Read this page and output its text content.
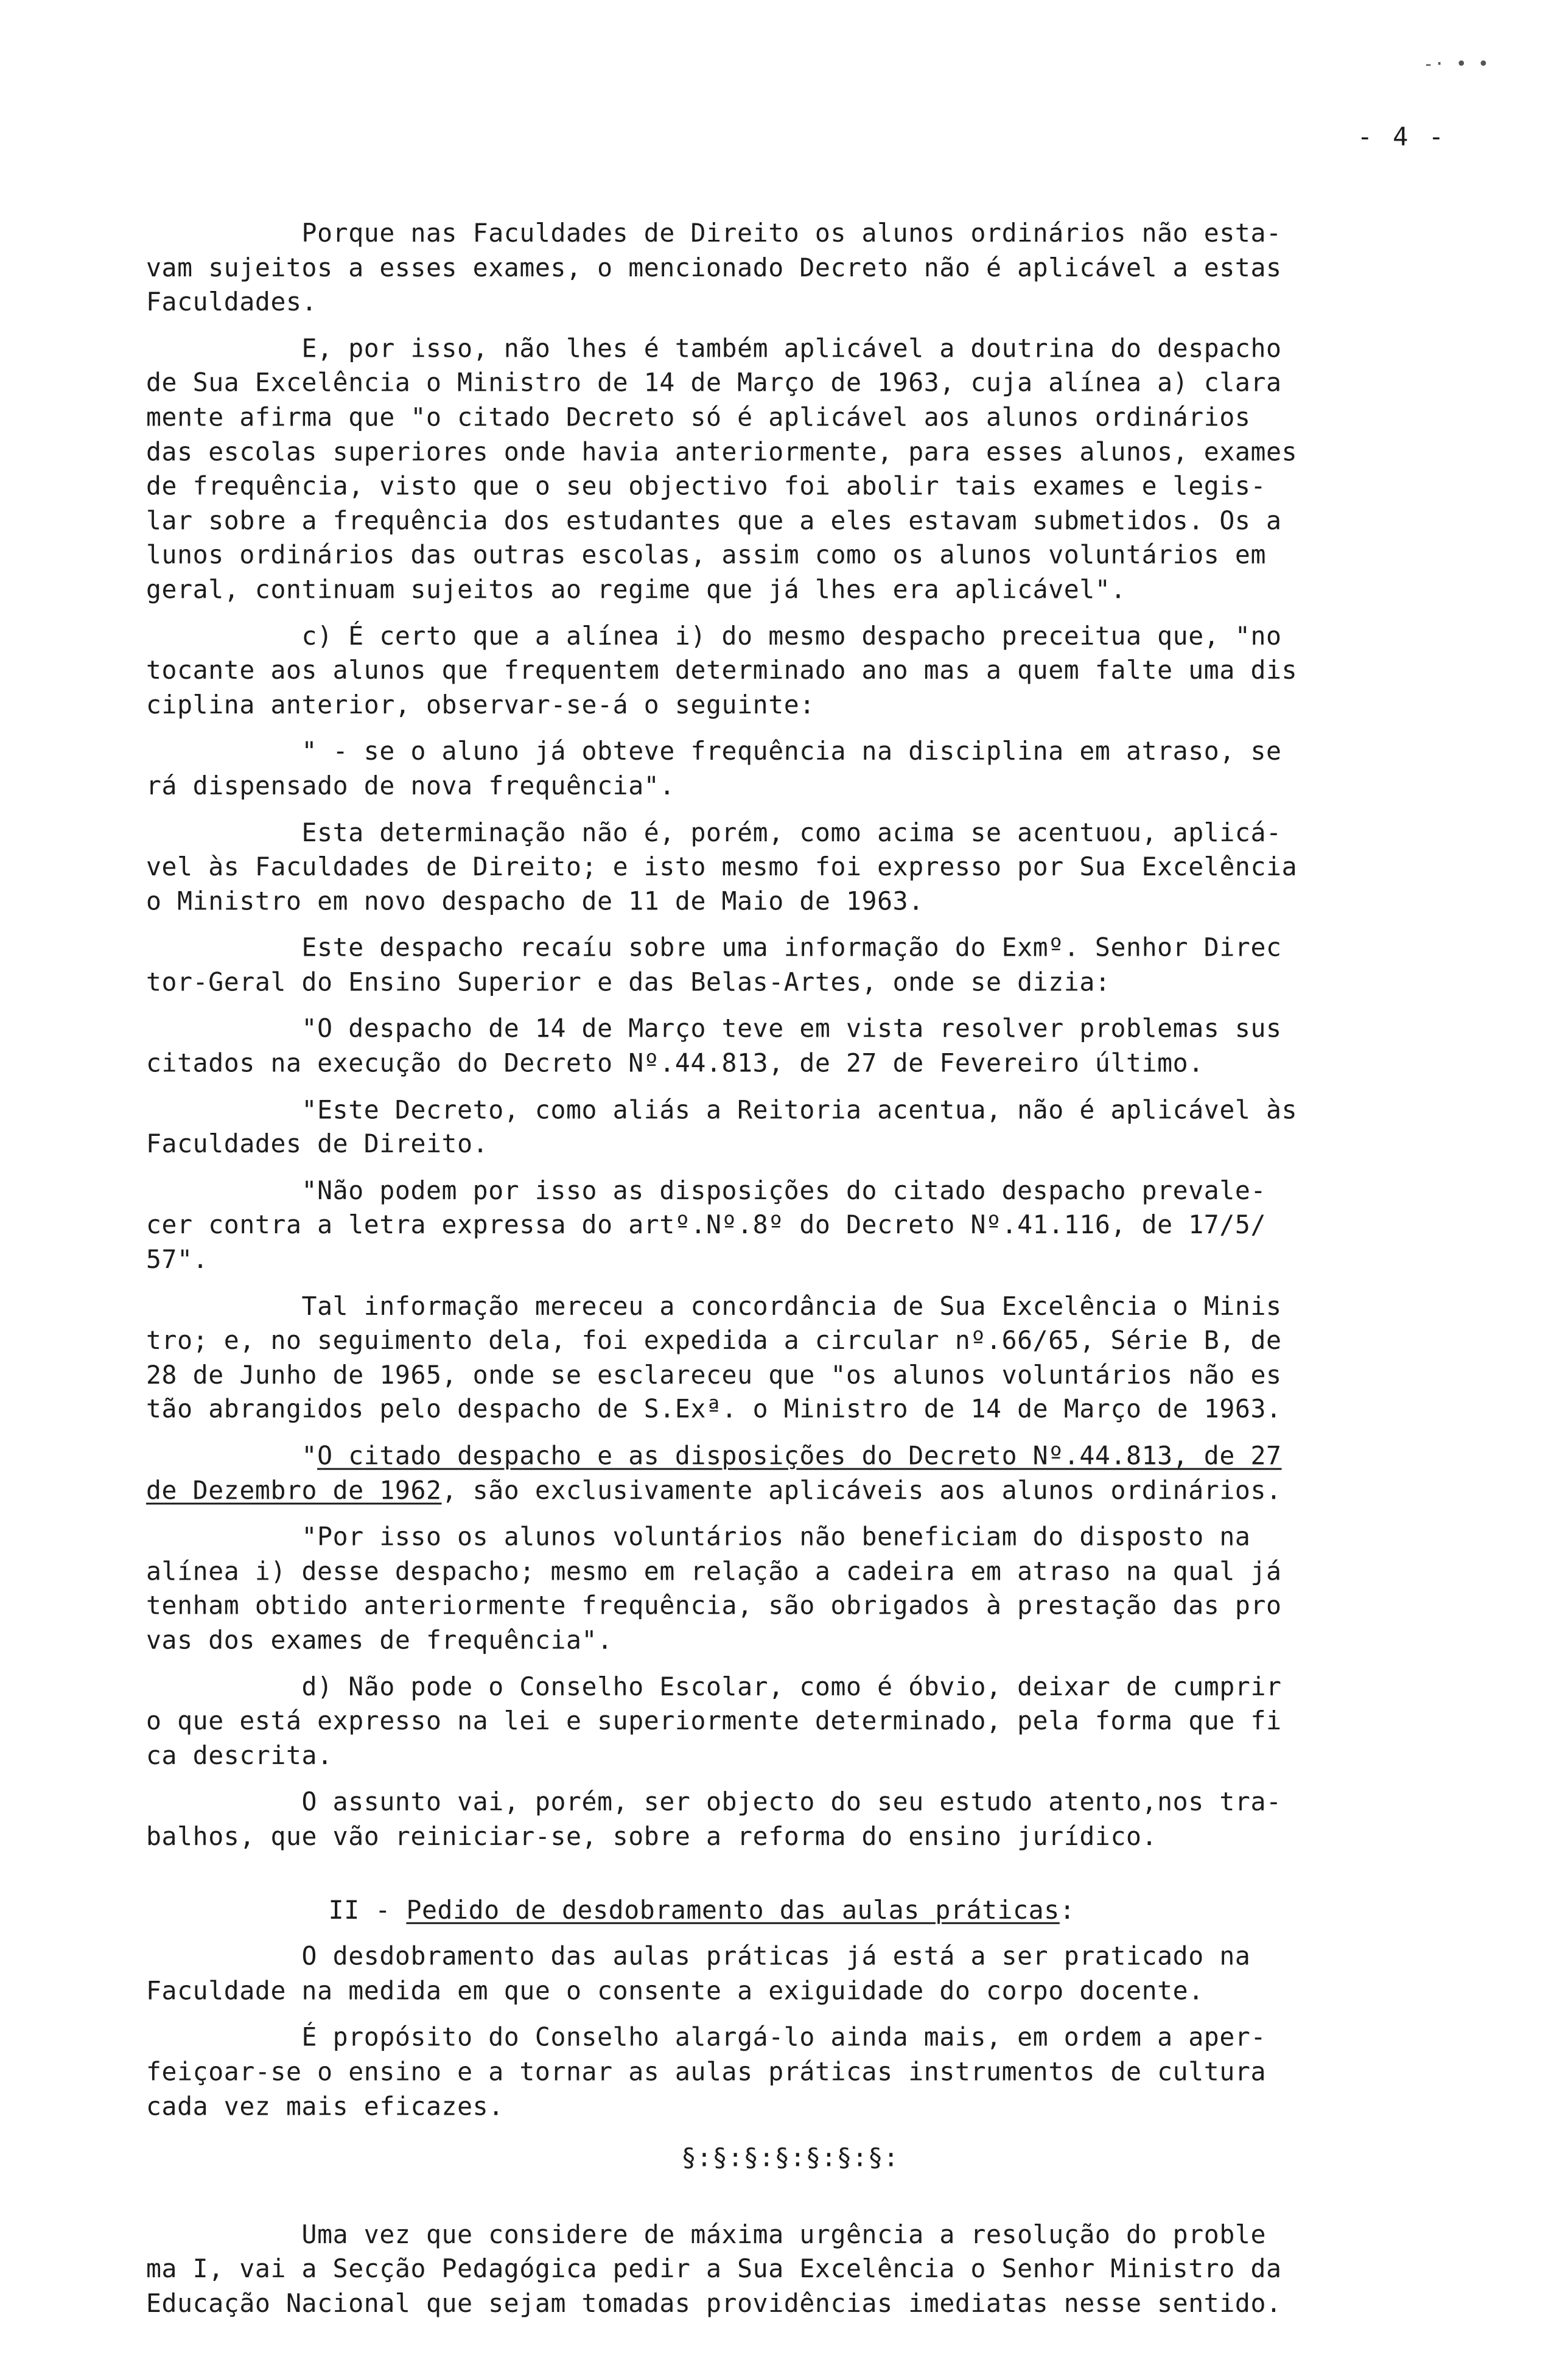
-· • •
- 4 -
Porque nas Faculdades de Direito os alunos ordinários não esta-
vam sujeitos a esses exames, o mencionado Decreto não é aplicável a estas
Faculdades.
E, por isso, não lhes é também aplicável a doutrina do despacho
de Sua Excelência o Ministro de 14 de Março de 1963, cuja alínea a) clara
mente afirma que "o citado Decreto só é aplicável aos alunos ordinários
das escolas superiores onde havia anteriormente, para esses alunos, exames
de frequência, visto que o seu objectivo foi abolir tais exames e legis-
lar sobre a frequência dos estudantes que a eles estavam submetidos. Os a
lunos ordinários das outras escolas, assim como os alunos voluntários em
geral, continuam sujeitos ao regime que já lhes era aplicável".
c) É certo que a alínea i) do mesmo despacho preceitua que, "no
tocante aos alunos que frequentem determinado ano mas a quem falte uma dis
ciplina anterior, observar-se-á o seguinte:
" - se o aluno já obteve frequência na disciplina em atraso, se
rá dispensado de nova frequência".
Esta determinação não é, porém, como acima se acentuou, aplicá-
vel às Faculdades de Direito; e isto mesmo foi expresso por Sua Excelência
o Ministro em novo despacho de 11 de Maio de 1963.
Este despacho recaíu sobre uma informação do Exmº. Senhor Direc
tor-Geral do Ensino Superior e das Belas-Artes, onde se dizia:
"O despacho de 14 de Março teve em vista resolver problemas sus
citados na execução do Decreto Nº.44.813, de 27 de Fevereiro último.
"Este Decreto, como aliás a Reitoria acentua, não é aplicável às
Faculdades de Direito.
"Não podem por isso as disposições do citado despacho prevale-
cer contra a letra expressa do artº.Nº.8º do Decreto Nº.41.116, de 17/5/
57".
Tal informação mereceu a concordância de Sua Excelência o Minis
tro; e, no seguimento dela, foi expedida a circular nº.66/65, Série B, de
28 de Junho de 1965, onde se esclareceu que "os alunos voluntários não es
tão abrangidos pelo despacho de S.Exª. o Ministro de 14 de Março de 1963.
"O citado despacho e as disposições do Decreto Nº.44.813, de 27
de Dezembro de 1962, são exclusivamente aplicáveis aos alunos ordinários.
"Por isso os alunos voluntários não beneficiam do disposto na
alínea i) desse despacho; mesmo em relação a cadeira em atraso na qual já
tenham obtido anteriormente frequência, são obrigados à prestação das pro
vas dos exames de frequência".
d) Não pode o Conselho Escolar, como é óbvio, deixar de cumprir
o que está expresso na lei e superiormente determinado, pela forma que fi
ca descrita.
O assunto vai, porém, ser objecto do seu estudo atento,nos tra-
balhos, que vão reiniciar-se, sobre a reforma do ensino jurídico.
II - Pedido de desdobramento das aulas práticas:
O desdobramento das aulas práticas já está a ser praticado na
Faculdade na medida em que o consente a exiguidade do corpo docente.
É propósito do Conselho alargá-lo ainda mais, em ordem a aper-
feiçoar-se o ensino e a tornar as aulas práticas instrumentos de cultura
cada vez mais eficazes.
§:§:§:§:§:§:§:
Uma vez que considere de máxima urgência a resolução do proble
ma I, vai a Secção Pedagógica pedir a Sua Excelência o Senhor Ministro da
Educação Nacional que sejam tomadas providências imediatas nesse sentido.
